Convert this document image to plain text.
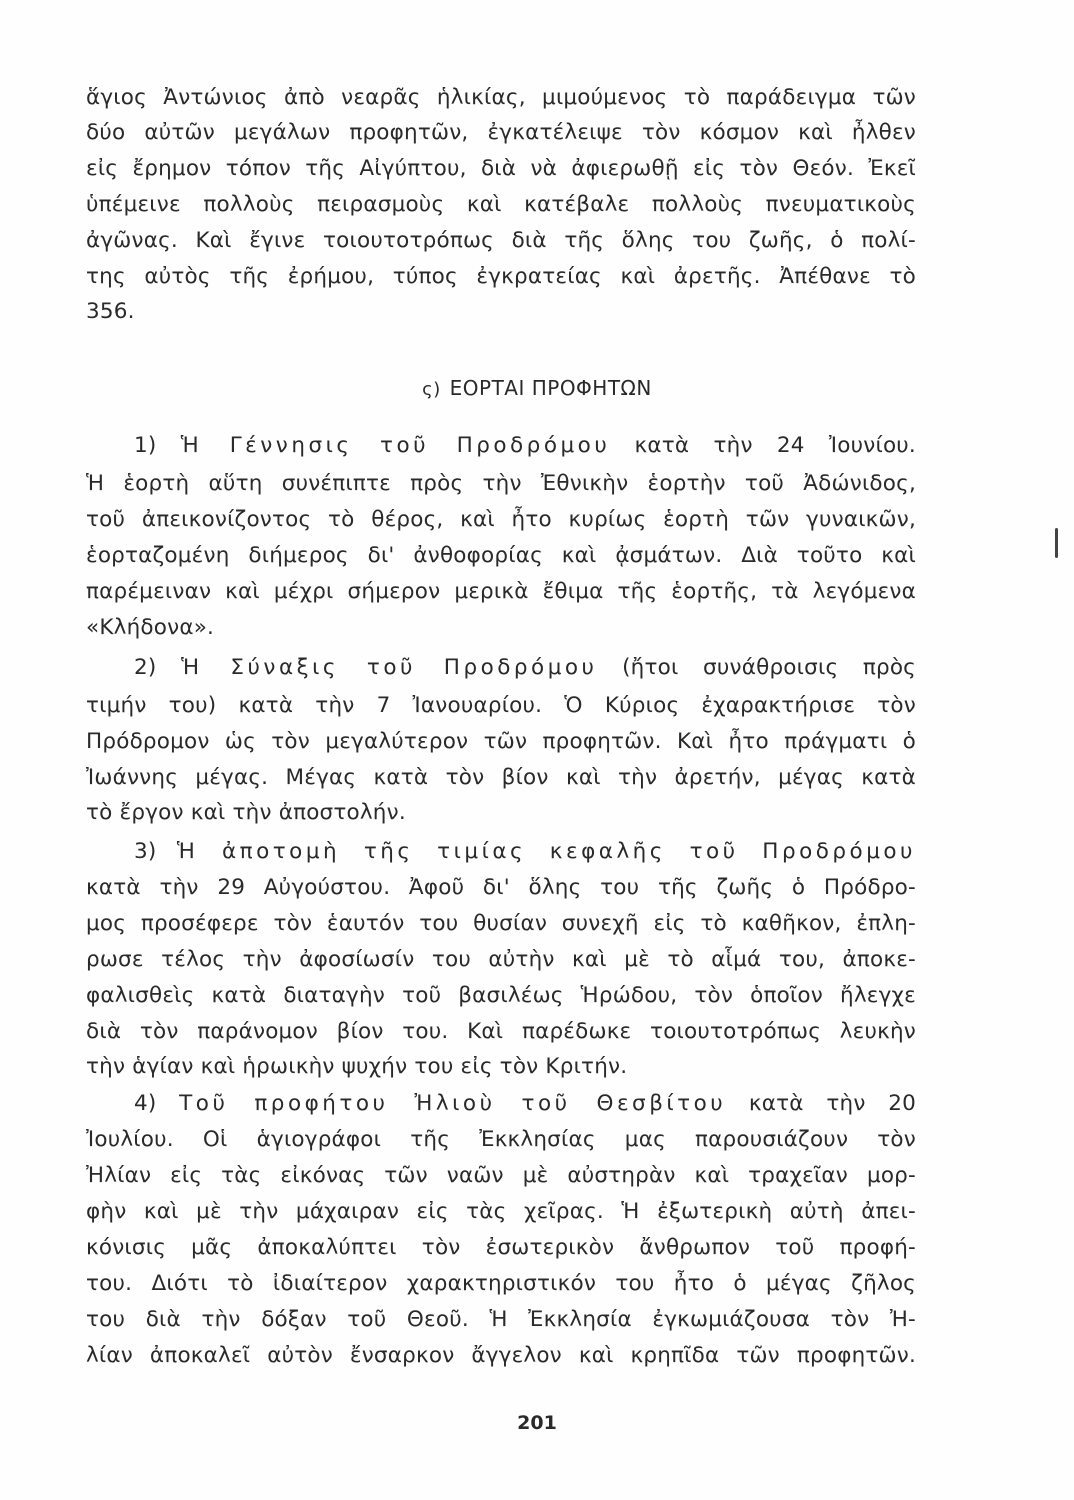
ἅγιος Ἀντώνιος ἀπὸ νεαρᾶς ἡλικίας, μιμούμενος τὸ παράδειγμα τῶν
δύο αὐτῶν μεγάλων προφητῶν, ἐγκατέλειψε τὸν κόσμον καὶ ἦλθεν
εἰς ἔρημον τόπον τῆς Αἰγύπτου, διὰ νὰ ἀφιερωθῇ εἰς τὸν Θεόν. Ἐκεῖ
ὑπέμεινε πολλοὺς πειρασμοὺς καὶ κατέβαλε πολλοὺς πνευματικοὺς
ἀγῶνας. Καὶ ἔγινε τοιουτοτρόπως διὰ τῆς ὅλης του ζωῆς, ὁ πολί-
της αὐτὸς τῆς ἐρήμου, τύπος ἐγκρατείας καὶ ἀρετῆς. Ἀπέθανε τὸ
356.
ς) ΕΟΡΤΑΙ ΠΡΟΦΗΤΩΝ
1) Ἡ Γέννησις τοῦ Προδρόμου κατὰ τὴν 24 Ἰουνίου.
Ἡ ἑορτὴ αὕτη συνέπιπτε πρὸς τὴν Ἐθνικὴν ἑορτὴν τοῦ Ἀδώνιδος,
τοῦ ἀπεικονίζοντος τὸ θέρος, καὶ ἦτο κυρίως ἑορτὴ τῶν γυναικῶν,
ἑορταζομένη διήμερος δι' ἀνθοφορίας καὶ ᾀσμάτων. Διὰ τοῦτο καὶ
παρέμειναν καὶ μέχρι σήμερον μερικὰ ἔθιμα τῆς ἑορτῆς, τὰ λεγόμενα
«Κλήδονα».
2) Ἡ Σύναξις τοῦ Προδρόμου (ἤτοι συνάθροισις πρὸς
τιμήν του) κατὰ τὴν 7 Ἰανουαρίου. Ὁ Κύριος ἐχαρακτήρισε τὸν
Πρόδρομον ὡς τὸν μεγαλύτερον τῶν προφητῶν. Καὶ ἦτο πράγματι ὁ
Ἰωάννης μέγας. Μέγας κατὰ τὸν βίον καὶ τὴν ἀρετήν, μέγας κατὰ
τὸ ἔργον καὶ τὴν ἀποστολήν.
3) Ἡ ἀποτομὴ τῆς τιμίας κεφαλῆς τοῦ Προδρόμου
κατὰ τὴν 29 Αὐγούστου. Ἀφοῦ δι' ὅλης του τῆς ζωῆς ὁ Πρόδρο-
μος προσέφερε τὸν ἑαυτόν του θυσίαν συνεχῆ εἰς τὸ καθῆκον, ἐπλη-
ρωσε τέλος τὴν ἀφοσίωσίν του αὐτὴν καὶ μὲ τὸ αἷμά του, ἀποκε-
φαλισθεὶς κατὰ διαταγὴν τοῦ βασιλέως Ἡρώδου, τὸν ὁποῖον ἤλεγχε
διὰ τὸν παράνομον βίον του. Καὶ παρέδωκε τοιουτοτρόπως λευκὴν
τὴν ἁγίαν καὶ ἡρωικὴν ψυχήν του εἰς τὸν Κριτήν.
4) Τοῦ προφήτου Ἠλιοὺ τοῦ Θεσβίτου κατὰ τὴν 20
Ἰουλίου. Οἱ ἁγιογράφοι τῆς Ἐκκλησίας μας παρουσιάζουν τὸν
Ἠλίαν εἰς τὰς εἰκόνας τῶν ναῶν μὲ αὐστηρὰν καὶ τραχεῖαν μορ-
φὴν καὶ μὲ τὴν μάχαιραν εἰς τὰς χεῖρας. Ἡ ἐξωτερικὴ αὐτὴ ἀπει-
κόνισις μᾶς ἀποκαλύπτει τὸν ἐσωτερικὸν ἄνθρωπον τοῦ προφή-
του. Διότι τὸ ἰδιαίτερον χαρακτηριστικόν του ἦτο ὁ μέγας ζῆλος
του διὰ τὴν δόξαν τοῦ Θεοῦ. Ἡ Ἐκκλησία ἐγκωμιάζουσα τὸν Ἠ-
λίαν ἀποκαλεῖ αὐτὸν ἔνσαρκον ἄγγελον καὶ κρηπῖδα τῶν προφητῶν.
201
